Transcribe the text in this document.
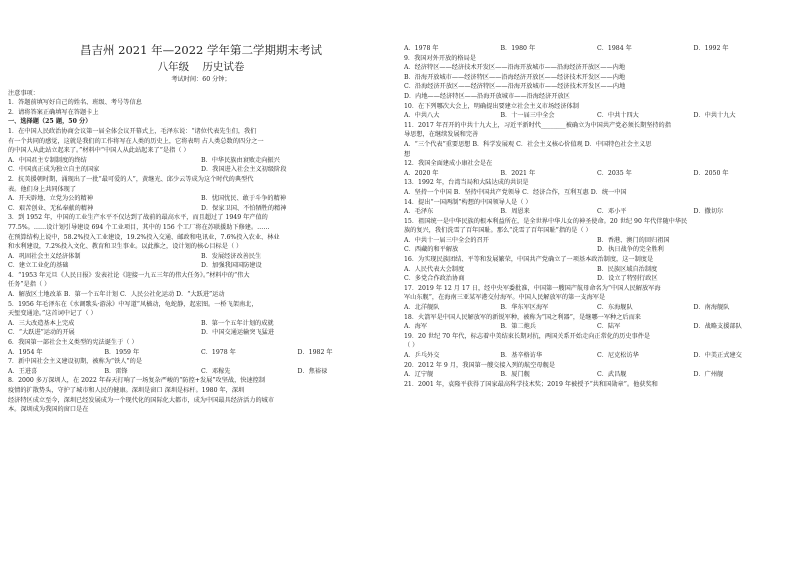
昌吉州 2021 年—2022 学年第二学期期末考试
八年级 历史试卷
考试时间：60 分钟；
注意事项：
1．答题前填写好自己的姓名、班级、考号等信息
2．请将答案正确填写在答题卡上
一、选择题（25 题，50 分）
1．在中国人民政治协商会议第一届全体会议开幕式上，毛泽东说：“诸位代表先生们，我们
有一个共同的感觉，这就是我们的工作将写在人类的历史上，它将表明 占人类总数的四分之一
的中国人从此站立起来了。”材料中“中国人从此站起来了”是指（ ）
A．中国君主专制制度的终结	B．中华民族由衰败走向振兴
C．中国真正成为独立自主的国家	D．我国进入社会主义初级阶段
2．抗美援朝时期，涌现出了一批“最可爱的人”，黄继光、邱少云等成为这个时代的典型代
表。他们身上共同体现了
A．开天辟地、立党为公的精神	B．忧国忧民、敢于斗争的精神
C．艰苦创业、无私奉献的精神	D．保家卫国、不怕牺牲的精神
3．到 1952 年，中国的工业生产水平不仅达到了战前的最高水平，而且超过了 1949 年产值的
77.5%。……设计划引导建设 694 个工业项目，其中的 156 个工厂将在苏联援助下修建。……
在预算结构上说中，58.2%投入工业建设，19.2%投入交通、邮政和电讯业，7.6%投入农业、林业
和水利建设，7.2%投入文化、教育和卫生事业。以此推之，设计划的核心目标是（ ）
A．巩固社会主义经济体制	B．发展经济改善民生
C．建立工业化的基础	D．加强我国国防建设
4．“1953 年元旦《人民日报》发表社论《迎接一九五三年的伟大任务》。”材料中的“伟大
任务”是指（ ）
A．解放区土地改革 B．第一个五年计划 C．人民公社化运动 D．“大跃进”运动
5．1956 年毛泽东在《水调歌头·游泳》中写道“风樯动，龟蛇静，起宏图。一桥飞架南北，
天堑变通途。”这首词中记了（ ）
A．三大改造基本上完成	B．第一个五年计划的成就
C．“大跃进”运动的开展	D．中国交通运输突飞猛进
6．我国第一部社会主义类型的宪法诞生于（ ）
A．1954 年	B．1959 年	C．1978 年	D．1982 年
7．新中国社会主义建设初期，被称为“铁人”的是
A．王进喜	B．雷锋	C．邓稼先	D．焦裕禄
8．2000 多万深圳人，在 2022 年春天打响了一场复杂严峻的“防控+发展”攻坚战，快速控制
疫情的扩散势头，守护了城市和人民的健康。深圳是窗口 深圳是标杆。1980 年，深圳
经济特区成立至今，深圳已经发展成为一个现代化的国际化大都市，成为中国最具经济活力的城市
本。深圳成为我国的窗口是在
A．1978 年	B．1980 年	C．1984 年	D．1992 年
9．我国对外开放的格局是
A．经济特区——经济技术开发区——沿海开放城市——沿海经济开放区——内地
B．沿海开放城市——经济特区——沿海经济开放区——经济技术开发区——内地
C．沿海经济开放区——经济特区——沿海开放城市——经济技术开发区——内地
D．内地——经济特区——沿海开放城市——沿海经济开放区
10．在下列哪次大会上，明确提出要建立社会主义市场经济体制
A．中共八大	B．十一届三中全会	C．中共十四大	D．中共十九大
11．2017 年召开的中共十九大上，习近平新时代________被确立为中国共产党必须长期坚持的指
导思想，在继续发展和完善
A．“三个代表”重要思想 B．科学发展观 C．社会主义核心价值观 D．中国特色社会主义思
想
12．我国全面建成小康社会是在
A．2020 年	B．2021 年	C．2035 年	D．2050 年
13．1992 年，台湾当局和大陆达成的共识是
A．坚持一个中国 B．坚持中国共产党领导 C．经济合作，互利互惠 D．统一中国
14．提出“一国两制”构想的中国领导人是（ ）
A．毛泽东	B．周恩来	C．邓小平	D．撒切尔
15．祖国统一是中华民族的根本利益所在，是全世界中华儿女的神圣使命。20 世纪 90 年代伴随中华民
族的复兴，我们洗雪了百年国耻。那么“洗雪了百年国耻”指的是（ ）
A．中共十一届三中全会的召开	B．香港、澳门的回归祖国
C．西藏的和平解放	D．执日战争的完全胜利
16．为实现民族团结、平等和发展繁荣，中国共产党确立了一项基本政治制度，这一制度是
A．人民代表大会制度	B．民族区域自治制度
C．多党合作政治协商	D．设立了特别行政区
17．2019 年 12 月 17 日，经中央军委批准，中国第一艘国产航母命名为“中国人民解放军海
军山东舰”，在海南三亚某军港交付海军。中国人民解放军的第一支海军是
A．北洋舰队	B．华东军区海军	C．东海舰队	D．南海舰队
18．火箭军是中国人民解放军的新锐军种，被称为“国之利器”，是继哪一军种之后而来
A．海军	B．第二炮兵	C．陆军	D．战略支援部队
19．20 世纪 70 年代，标志着中美结束长期对抗，两国关系开始走向正常化的历史事件是
（ ）
A．乒乓外交	B．基辛格访华	C．尼克松访华	D．中美正式建交
20．2012 年 9 月，我国第一艘交接入列的航空母舰是
A．辽宁舰	B．厦门舰	C．武昌舰	D．广州舰
21．2001 年，袁隆平获得了国家最高科学技术奖；2019 年被授予“共和国勋章”。他获奖和
